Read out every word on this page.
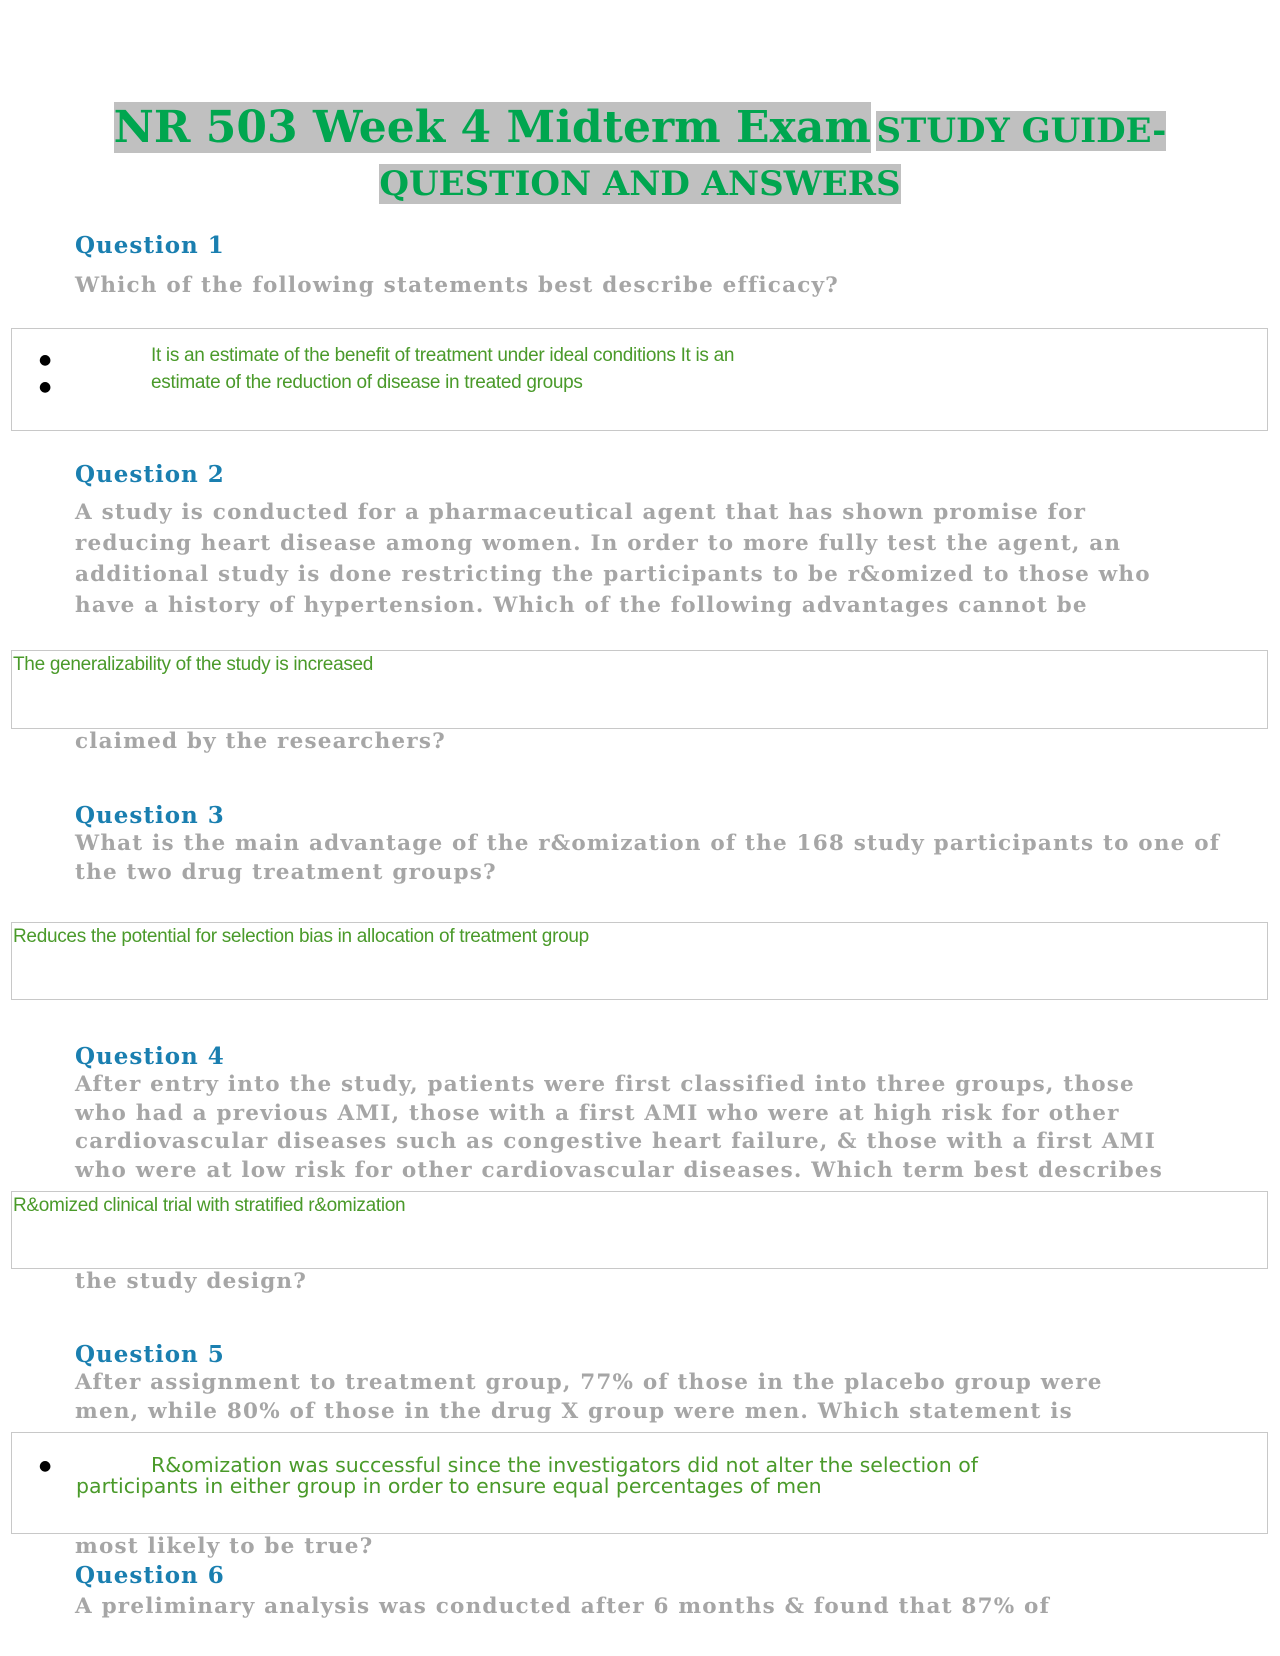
NR 503 Week 4 Midterm Exam STUDY GUIDE-
QUESTION AND ANSWERS
Question 1
Which of the following statements best describe efficacy?
●
●
It is an estimate of the benefit of treatment under ideal conditions It is an
estimate of the reduction of disease in treated groups
Question 2
A study is conducted for a pharmaceutical agent that has shown promise for
reducing heart disease among women. In order to more fully test the agent, an
additional study is done restricting the participants to be r&omized to those who
have a history of hypertension. Which of the following advantages cannot be
The generalizability of the study is increased
claimed by the researchers?
Question 3
What is the main advantage of the r&omization of the 168 study participants to one of
the two drug treatment groups?
Reduces the potential for selection bias in allocation of treatment group
Question 4
After entry into the study, patients were first classified into three groups, those
who had a previous AMI, those with a first AMI who were at high risk for other
cardiovascular diseases such as congestive heart failure, & those with a first AMI
who were at low risk for other cardiovascular diseases. Which term best describes
R&omized clinical trial with stratified r&omization
the study design?
Question 5
After assignment to treatment group, 77% of those in the placebo group were
men, while 80% of those in the drug X group were men. Which statement is
●	R&omization was successful since the investigators did not alter the selection of
participants in either group in order to ensure equal percentages of men
most likely to be true?
Question 6
A preliminary analysis was conducted after 6 months & found that 87% of
